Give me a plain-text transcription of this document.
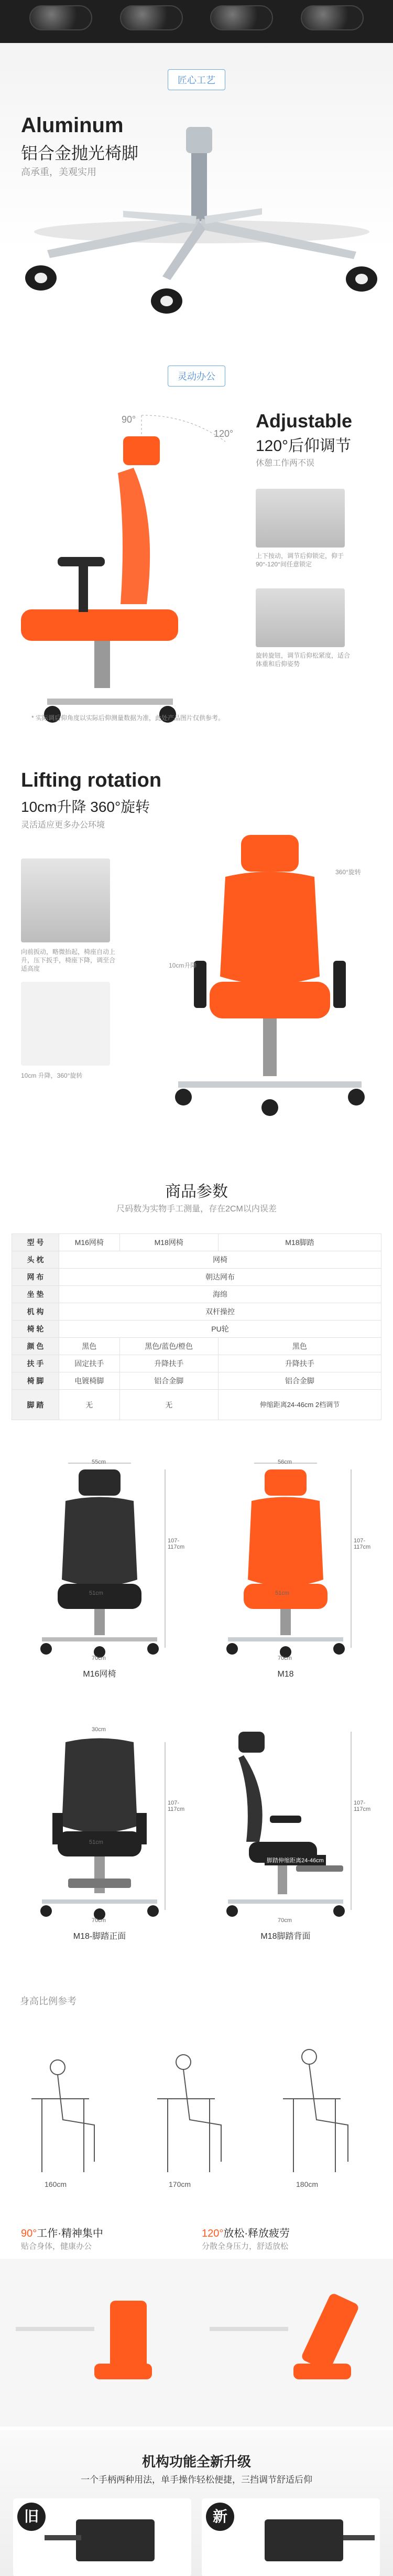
匠心工艺
Aluminum
铝合金抛光椅脚
高承重，美观实用
灵动办公
90°
120°
Adjustable
120°后仰调节
休憩工作两不误
上下按动，调节后仰锁定，仰于90°-120°间任意锁定
旋转旋钮，调节后仰松紧度，适合体重和后仰姿势
* 实际调后仰角度以实际后仰测量数据为准，此处产品图片仅供参考。
Lifting rotation
10cm升降 360°旋转
灵活适应更多办公环境
向前扳动，略微抬起，椅座自动上升，压下扳手，椅座下降，调至合适高度
10cm 升降，360°旋转
360°旋转
10cm升降
商品参数
尺码数为实物手工测量，存在2CM以内误差
型 号	M16网椅	M18网椅	M18脚踏
头 枕	网椅		
网 布	朝达网布		
坐 垫	海绵		
机 构	双杆操控		
椅 轮	PU轮		
颜 色	黑色	黑色/蓝色/橙色	黑色
扶 手	固定扶手	升降扶手	升降扶手
椅 脚	电镀椅脚	铝合金脚	铝合金脚
脚 踏	无	无	伸缩距离24-46cm 2档调节
55cm
51cm
107-117cm
70cm
M16网椅
56cm
51cm
107-117cm
70cm
M18
30cm
51cm
107-117cm
70cm
M18-脚踏正面
脚踏伸缩距离24-46cm
107-117cm
70cm
M18脚踏背面
身高比例参考
160cm	170cm	180cm
90°工作·精神集中
贴合身体，健康办公
120°放松·释放疲劳
分散全身压力，舒适放松
机构功能全新升级
一个手柄两种用法，单手操作轻松便捷，三挡调节舒适后仰
旧	新
